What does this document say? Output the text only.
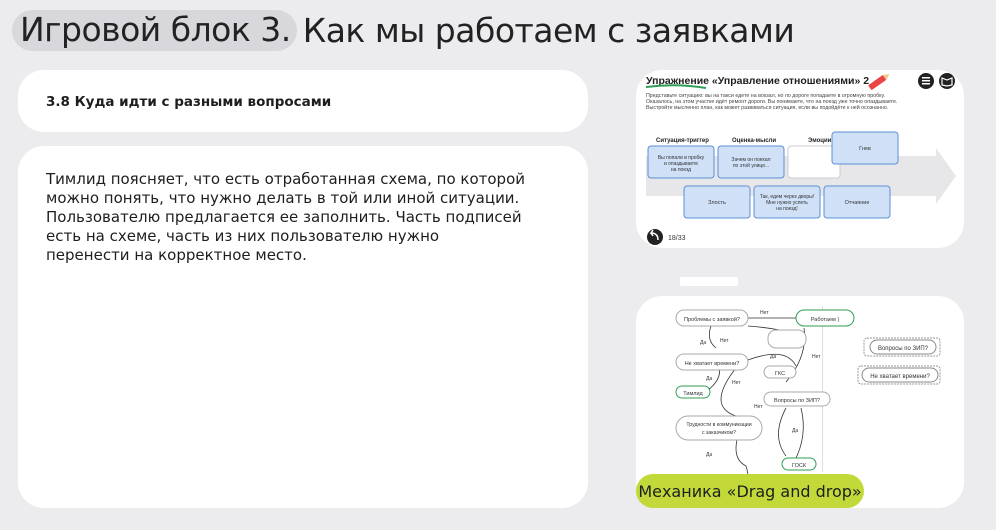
Игровой блок 3. Как мы работаем с заявками
3.8 Куда идти с разными вопросами

Тимлид поясняет, что есть отработанная схема, по которой можно понять, что нужно делать в той или иной ситуации. Пользователю предлагается ее заполнить. Часть подписей есть на схеме, часть из них пользователю нужно перенести на корректное место.

Упражнение «Управление отношениями» 2
Представьте ситуацию: вы на такси едете на вокзал, но по дороге попадаете в огромную пробку.
Оказалось, на этом участке идёт ремонт дороги. Вы понимаете, что на поезд уже точно опаздываете.
Выстройте мысленно план, как может развиваться ситуация, если вы подойдёте к ней осознанно.
Ситуация-триггер	Оценка-мысли	Эмоции
Вы попали в пробку
и опаздываете
на поезд
Зачем он поехал
по этой улице...
Гнев
Злость
Так, едем через дворы!
Мне нужно успеть
на поезд!
Отчаяние
18/33
Проблемы с заявкой?	Работаем )
Не хватает времени?
ГКС
Тимлид
Вопросы по ЗИП?
Трудности в коммуникации
с заказчиком?
ГОСК
Нет
Да	Нет
Да
Нет
Нет
Да
Нет
Да
Да
Вопросы по ЗИП?
Не хватает времени?
Механика «Drag and drop»
